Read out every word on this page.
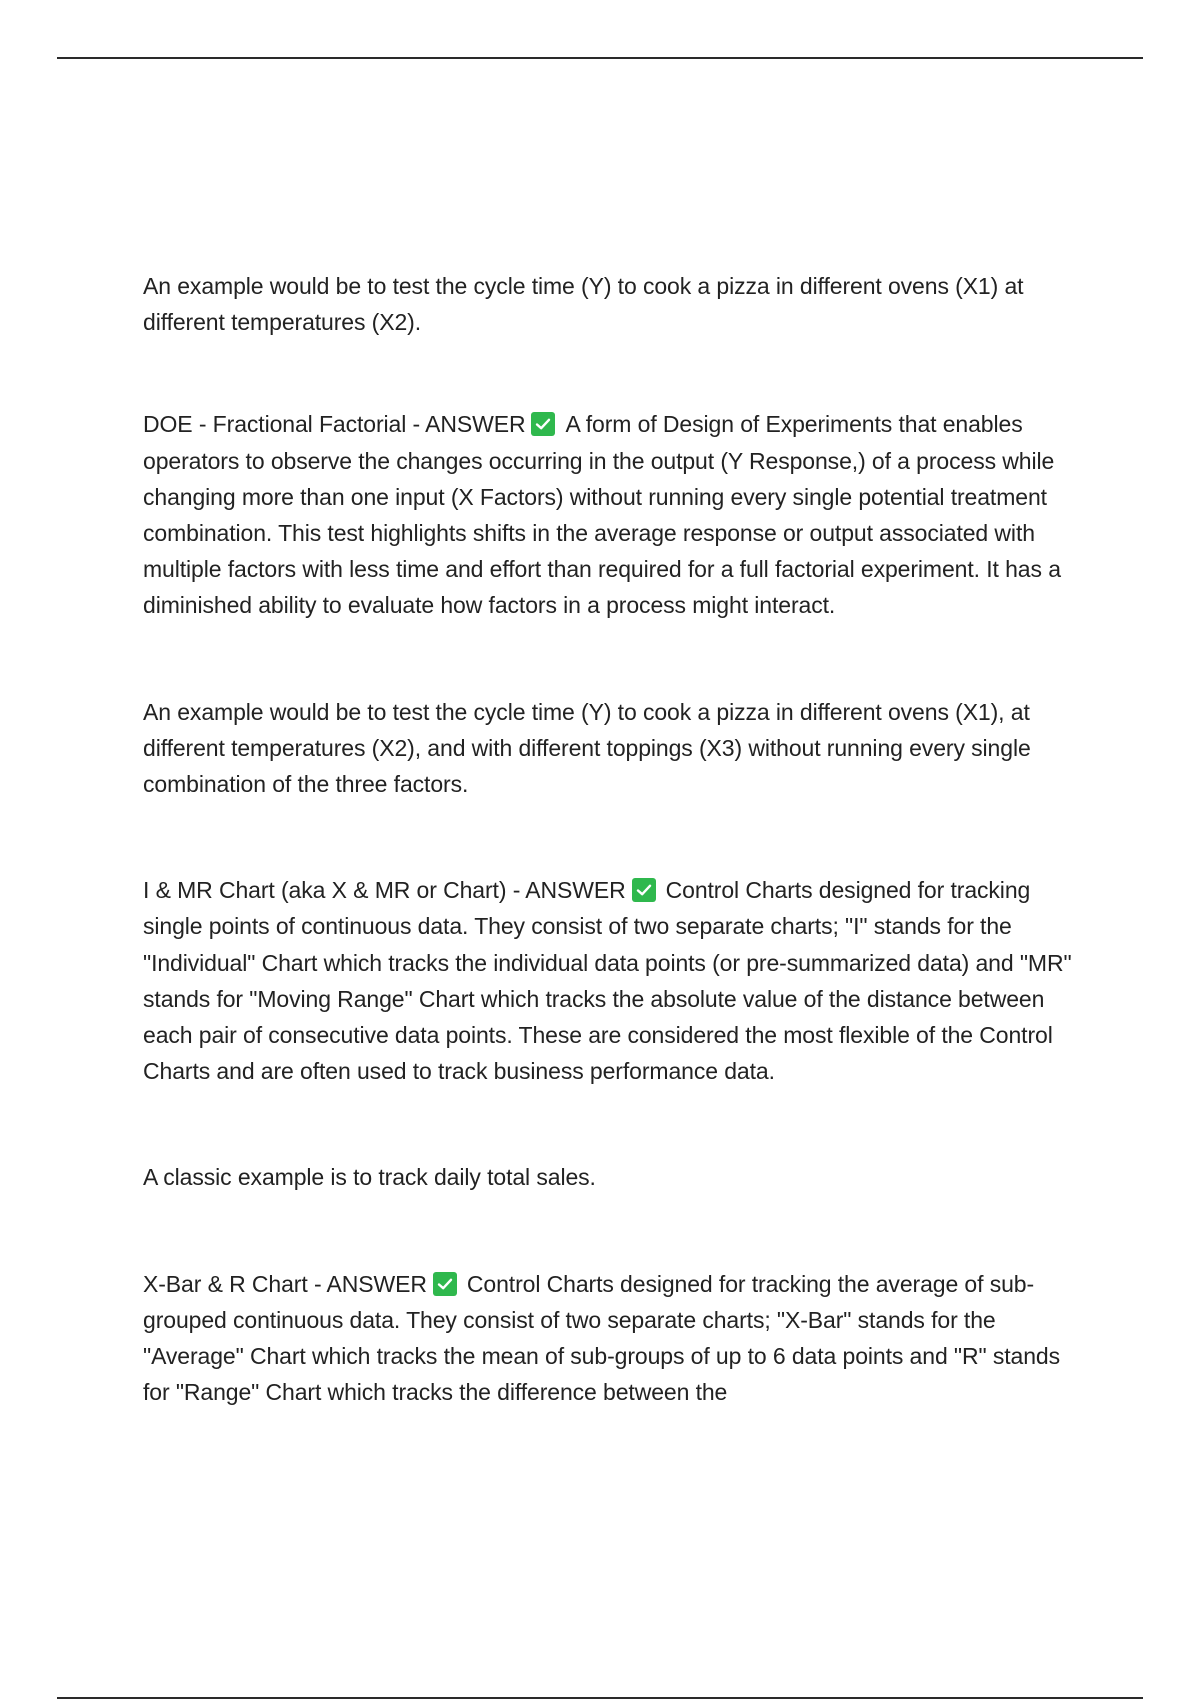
An example would be to test the cycle time (Y) to cook a pizza in different ovens (X1) at different temperatures (X2).

DOE - Fractional Factorial - ANSWER A form of Design of Experiments that enables operators to observe the changes occurring in the output (Y Response,) of a process while changing more than one input (X Factors) without running every single potential treatment combination. This test highlights shifts in the average response or output associated with multiple factors with less time and effort than required for a full factorial experiment. It has a diminished ability to evaluate how factors in a process might interact.

An example would be to test the cycle time (Y) to cook a pizza in different ovens (X1), at different temperatures (X2), and with different toppings (X3) without running every single combination of the three factors.

I & MR Chart (aka X & MR or Chart) - ANSWER Control Charts designed for tracking single points of continuous data. They consist of two separate charts; "I" stands for the "Individual" Chart which tracks the individual data points (or pre-summarized data) and "MR" stands for "Moving Range" Chart which tracks the absolute value of the distance between each pair of consecutive data points. These are considered the most flexible of the Control Charts and are often used to track business performance data.

A classic example is to track daily total sales.

X-Bar & R Chart - ANSWER Control Charts designed for tracking the average of sub-grouped continuous data. They consist of two separate charts; "X-Bar" stands for the "Average" Chart which tracks the mean of sub-groups of up to 6 data points and "R" stands for "Range" Chart which tracks the difference between the
